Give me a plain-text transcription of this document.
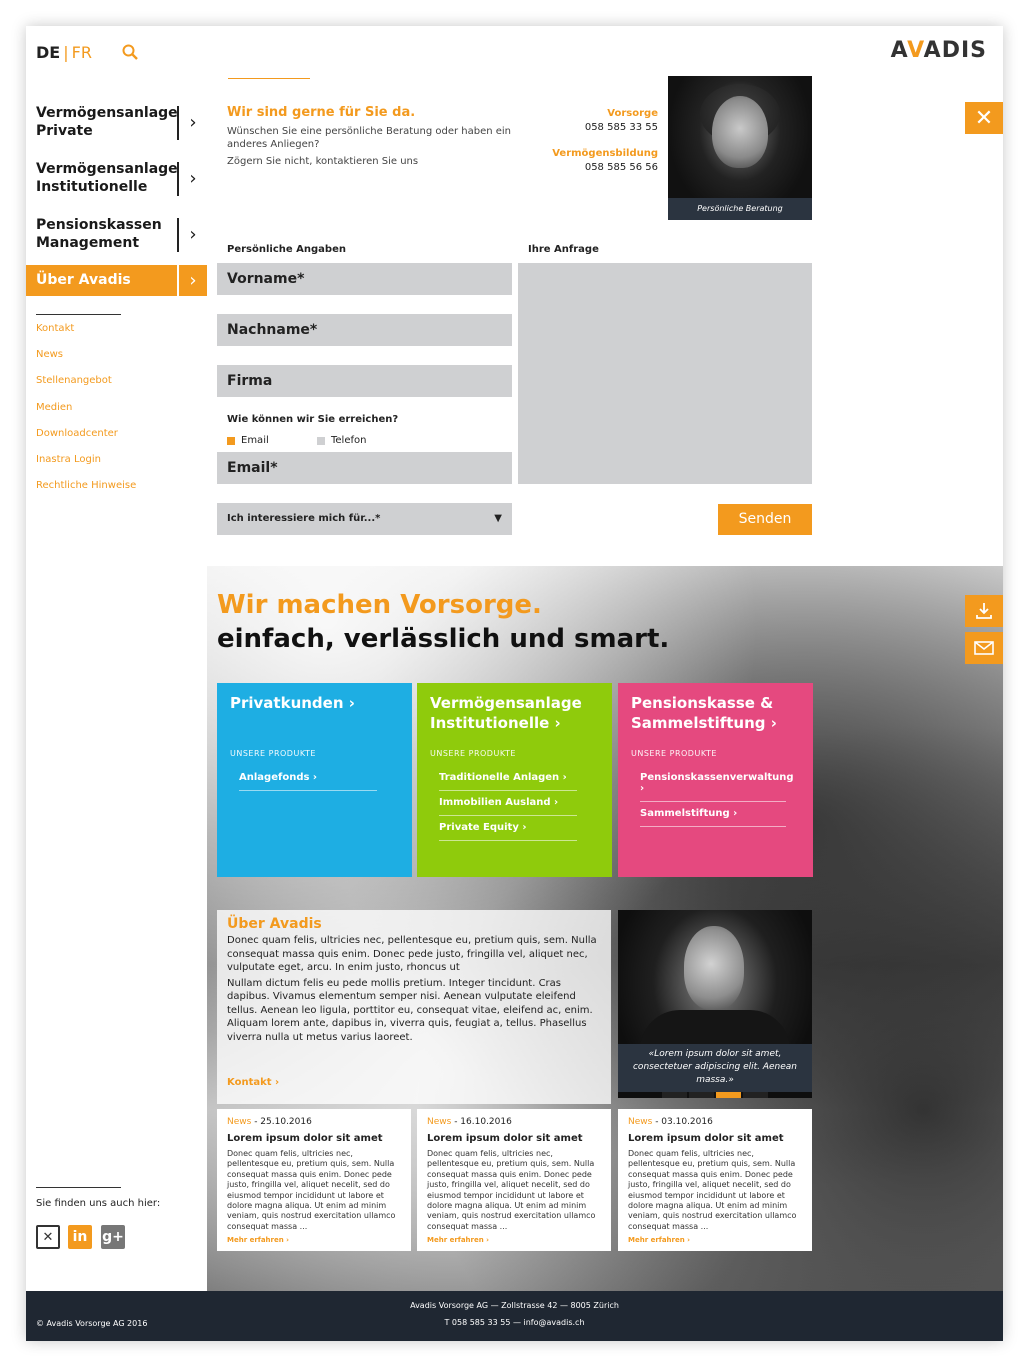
DE | FR
Vermögensanlage Private	›
Vermögensanlage Institutionelle	›
Pensionskassen Management	›
Über Avadis	›
Kontakt
News
Stellenangebot
Medien
Downloadcenter
Inastra Login
Rechtliche Hinweise
Sie finden uns auch hier:
✕	in	g+
AVADIS
Wir sind gerne für Sie da.
Wünschen Sie eine persönliche Beratung oder haben ein anderes Anliegen?
Zögern Sie nicht, kontaktieren Sie uns
Vorsorge
058 585 33 55
Vermögensbildung
058 585 56 56
Persönliche Beratung
✕
Persönliche Angaben	Ihre Anfrage
Vorname*
Nachname*
Firma
Wie können wir Sie erreichen?
Email	Telefon
Email*
Ich interessiere mich für...*	▼	Senden
Wir machen Vorsorge.
einfach, verlässlich und smart.
Privatkunden ›
UNSERE PRODUKTE
Anlagefonds ›
Vermögensanlage Institutionelle ›
UNSERE PRODUKTE
Traditionelle Anlagen ›
Immobilien Ausland ›
Private Equity ›
Pensionskasse & Sammelstiftung ›
UNSERE PRODUKTE
Pensionskassenverwaltung ›
Sammelstiftung ›
Über Avadis

Donec quam felis, ultricies nec, pellentesque eu, pretium quis, sem. Nulla consequat massa quis enim. Donec pede justo, fringilla vel, aliquet nec, vulputate eget, arcu. In enim justo, rhoncus ut

Nullam dictum felis eu pede mollis pretium. Integer tincidunt. Cras dapibus. Vivamus elementum semper nisi. Aenean vulputate eleifend tellus. Aenean leo ligula, porttitor eu, consequat vitae, eleifend ac, enim. Aliquam lorem ante, dapibus in, viverra quis, feugiat a, tellus. Phasellus viverra nulla ut metus varius laoreet.

Kontakt ›
«Lorem ipsum dolor sit amet, consectetuer adipiscing elit. Aenean massa.»
News - 25.10.2016
Lorem ipsum dolor sit amet

Donec quam felis, ultricies nec, pellentesque eu, pretium quis, sem. Nulla consequat massa quis enim. Donec pede justo, fringilla vel, aliquet necelit, sed do eiusmod tempor incididunt ut labore et dolore magna aliqua. Ut enim ad minim veniam, quis nostrud exercitation ullamco consequat massa ...

Mehr erfahren ›
News - 16.10.2016
Lorem ipsum dolor sit amet

Donec quam felis, ultricies nec, pellentesque eu, pretium quis, sem. Nulla consequat massa quis enim. Donec pede justo, fringilla vel, aliquet necelit, sed do eiusmod tempor incididunt ut labore et dolore magna aliqua. Ut enim ad minim veniam, quis nostrud exercitation ullamco consequat massa ...

Mehr erfahren ›
News - 03.10.2016
Lorem ipsum dolor sit amet

Donec quam felis, ultricies nec, pellentesque eu, pretium quis, sem. Nulla consequat massa quis enim. Donec pede justo, fringilla vel, aliquet necelit, sed do eiusmod tempor incididunt ut labore et dolore magna aliqua. Ut enim ad minim veniam, quis nostrud exercitation ullamco consequat massa ...

Mehr erfahren ›
© Avadis Vorsorge AG 2016
Avadis Vorsorge AG — Zollstrasse 42 — 8005 Zürich
T 058 585 33 55 — info@avadis.ch
